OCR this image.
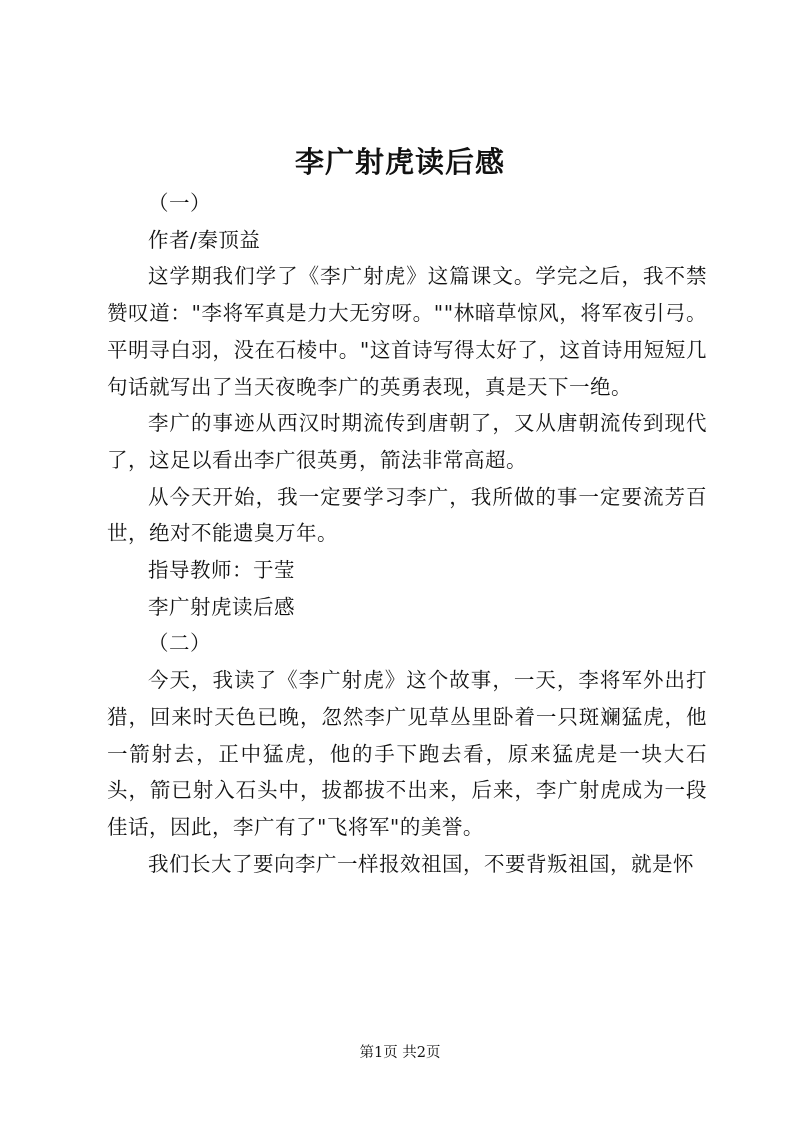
李广射虎读后感

（一）

作者/秦顶益

这学期我们学了《李广射虎》这篇课文。学完之后，我不禁赞叹道："李将军真是力大无穷呀。""林暗草惊风，将军夜引弓。平明寻白羽，没在石棱中。"这首诗写得太好了，这首诗用短短几句话就写出了当天夜晚李广的英勇表现，真是天下一绝。

李广的事迹从西汉时期流传到唐朝了，又从唐朝流传到现代了，这足以看出李广很英勇，箭法非常高超。

从今天开始，我一定要学习李广，我所做的事一定要流芳百世，绝对不能遗臭万年。

指导教师：于莹

李广射虎读后感

（二）

今天，我读了《李广射虎》这个故事，一天，李将军外出打猎，回来时天色已晚，忽然李广见草丛里卧着一只斑斓猛虎，他一箭射去，正中猛虎，他的手下跑去看，原来猛虎是一块大石头，箭已射入石头中，拔都拔不出来，后来，李广射虎成为一段佳话，因此，李广有了"飞将军"的美誉。

我们长大了要向李广一样报效祖国，不要背叛祖国，就是怀

第1页 共2页
